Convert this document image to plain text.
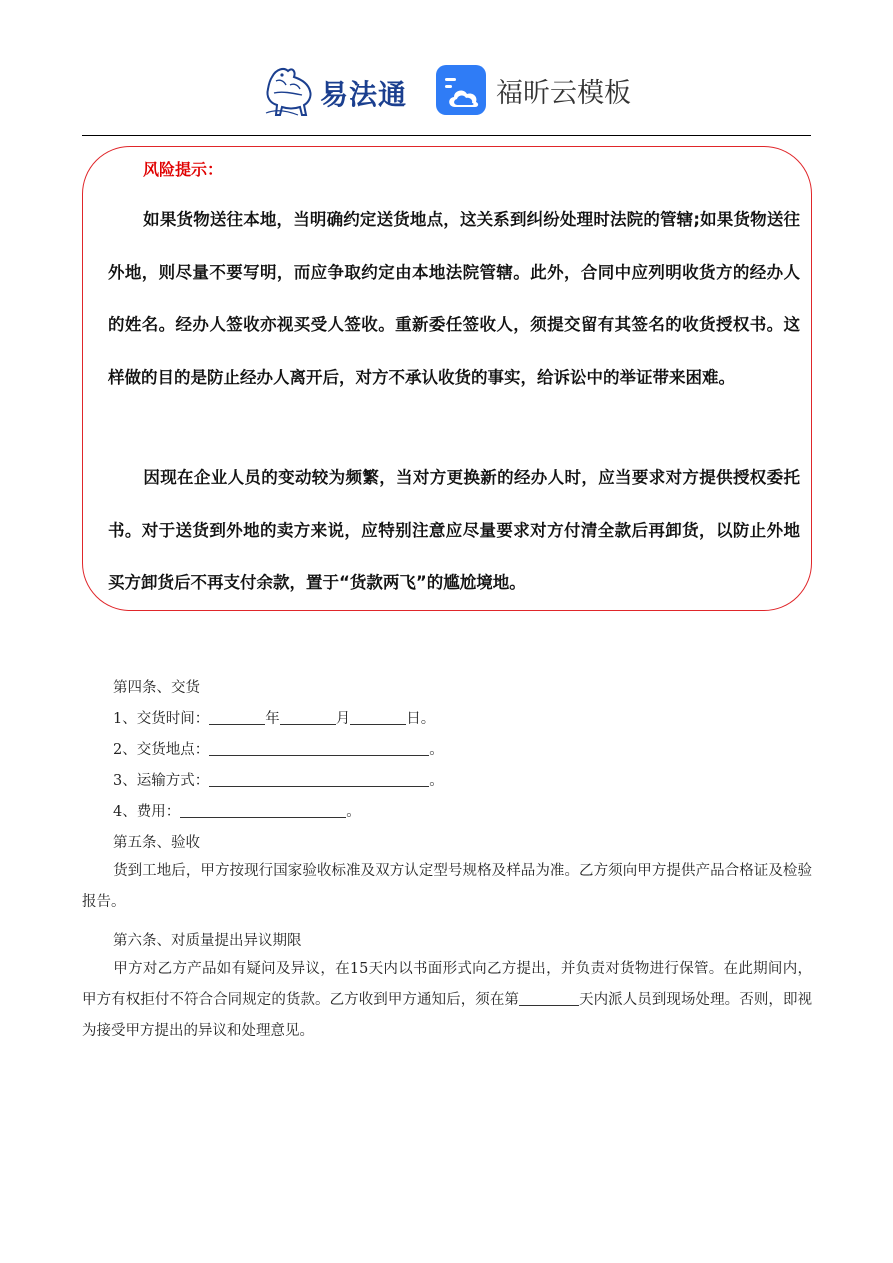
易法通	福昕云模板
风险提示：

如果货物送往本地，当明确约定送货地点，这关系到纠纷处理时法院的管辖;如果货物送往外地，则尽量不要写明，而应争取约定由本地法院管辖。此外，合同中应列明收货方的经办人的姓名。经办人签收亦视买受人签收。重新委任签收人，须提交留有其签名的收货授权书。这样做的目的是防止经办人离开后，对方不承认收货的事实，给诉讼中的举证带来困难。

因现在企业人员的变动较为频繁，当对方更换新的经办人时，应当要求对方提供授权委托书。对于送货到外地的卖方来说，应特别注意应尽量要求对方付清全款后再卸货，以防止外地买方卸货后不再支付余款，置于“货款两飞”的尴尬境地。

第四条、交货
1、交货时间：	年	月	日。
2、交货地点：	。
3、运输方式：	。
4、费用：	。
第五条、验收

货到工地后，甲方按现行国家验收标准及双方认定型号规格及样品为准。乙方须向甲方提供产品合格证及检验报告。

第六条、对质量提出异议期限

甲方对乙方产品如有疑问及异议，在15天内以书面形式向乙方提出，并负责对货物进行保管。在此期间内，甲方有权拒付不符合合同规定的货款。乙方收到甲方通知后，须在第	天内派人员到现场处理。否则，即视为接受甲方提出的异议和处理意见。
